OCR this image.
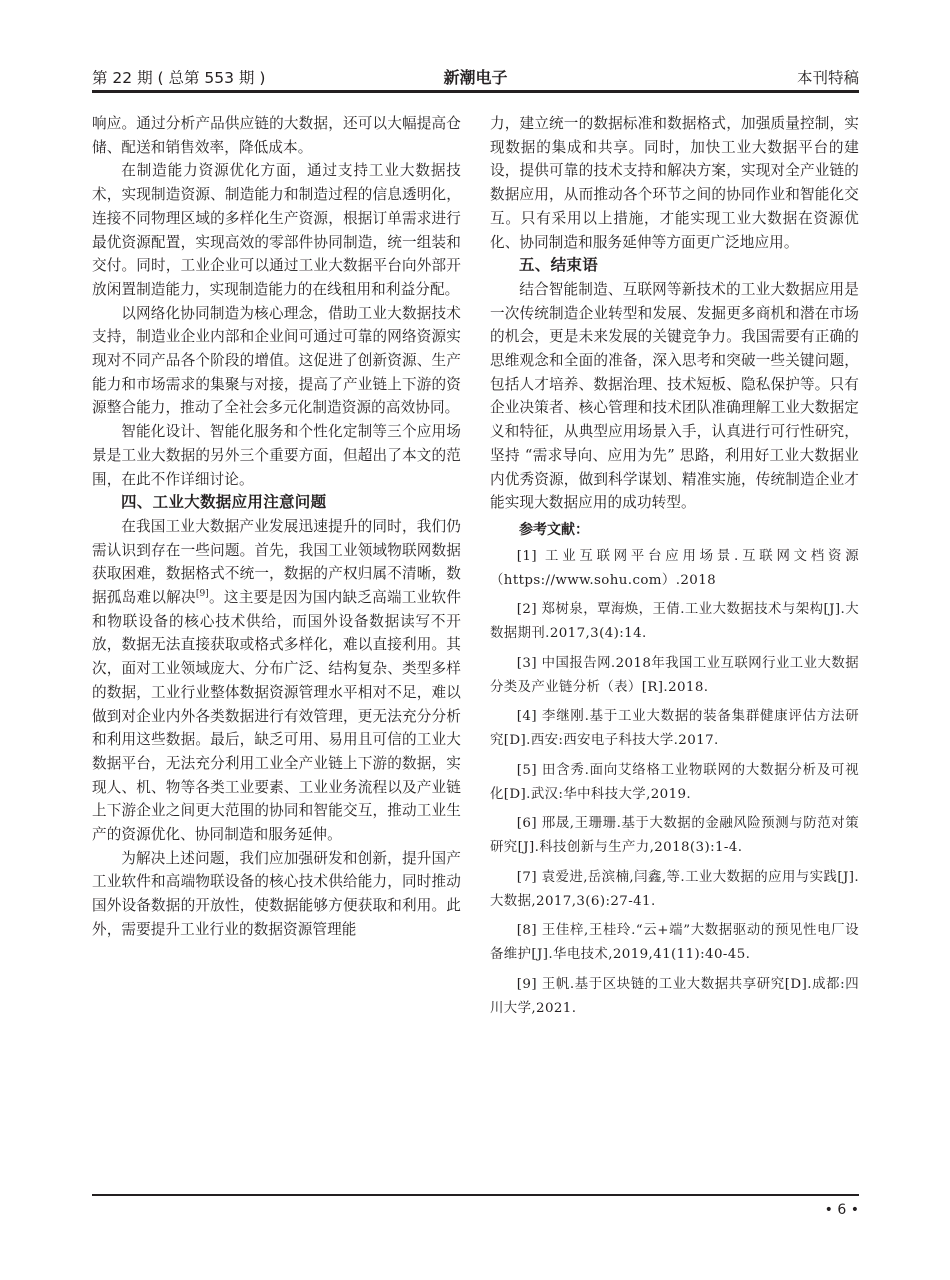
第 22 期 ( 总第 553 期 )	新潮电子	本刊特稿

响应。通过分析产品供应链的大数据，还可以大幅提高仓储、配送和销售效率，降低成本。

在制造能力资源优化方面，通过支持工业大数据技术，实现制造资源、制造能力和制造过程的信息透明化，连接不同物理区域的多样化生产资源，根据订单需求进行最优资源配置，实现高效的零部件协同制造，统一组装和交付。同时，工业企业可以通过工业大数据平台向外部开放闲置制造能力，实现制造能力的在线租用和利益分配。

以网络化协同制造为核心理念，借助工业大数据技术支持，制造业企业内部和企业间可通过可靠的网络资源实现对不同产品各个阶段的增值。这促进了创新资源、生产能力和市场需求的集聚与对接，提高了产业链上下游的资源整合能力，推动了全社会多元化制造资源的高效协同。

智能化设计、智能化服务和个性化定制等三个应用场景是工业大数据的另外三个重要方面，但超出了本文的范围，在此不作详细讨论。

四、工业大数据应用注意问题

在我国工业大数据产业发展迅速提升的同时，我们仍需认识到存在一些问题。首先，我国工业领域物联网数据获取困难，数据格式不统一，数据的产权归属不清晰，数据孤岛难以解决[9]。这主要是因为国内缺乏高端工业软件和物联设备的核心技术供给，而国外设备数据读写不开放，数据无法直接获取或格式多样化，难以直接利用。其次，面对工业领域庞大、分布广泛、结构复杂、类型多样的数据，工业行业整体数据资源管理水平相对不足，难以做到对企业内外各类数据进行有效管理，更无法充分分析和利用这些数据。最后，缺乏可用、易用且可信的工业大数据平台，无法充分利用工业全产业链上下游的数据，实现人、机、物等各类工业要素、工业业务流程以及产业链上下游企业之间更大范围的协同和智能交互，推动工业生产的资源优化、协同制造和服务延伸。

为解决上述问题，我们应加强研发和创新，提升国产工业软件和高端物联设备的核心技术供给能力，同时推动国外设备数据的开放性，使数据能够方便获取和利用。此外，需要提升工业行业的数据资源管理能

力，建立统一的数据标准和数据格式，加强质量控制，实现数据的集成和共享。同时，加快工业大数据平台的建设，提供可靠的技术支持和解决方案，实现对全产业链的数据应用，从而推动各个环节之间的协同作业和智能化交互。只有采用以上措施，才能实现工业大数据在资源优化、协同制造和服务延伸等方面更广泛地应用。

五、结束语

结合智能制造、互联网等新技术的工业大数据应用是一次传统制造企业转型和发展、发掘更多商机和潜在市场的机会，更是未来发展的关键竞争力。我国需要有正确的思维观念和全面的准备，深入思考和突破一些关键问题，包括人才培养、数据治理、技术短板、隐私保护等。只有企业决策者、核心管理和技术团队准确理解工业大数据定义和特征，从典型应用场景入手，认真进行可行性研究，坚持 “需求导向、应用为先” 思路，利用好工业大数据业内优秀资源，做到科学谋划、精准实施，传统制造企业才能实现大数据应用的成功转型。

参考文献：
[1] 工业互联网平台应用场景.互联网文档资源（https://www.sohu.com）.2018
[2] 郑树泉，覃海焕，王倩.工业大数据技术与架构[J].大数据期刊.2017,3(4):14.
[3] 中国报告网.2018年我国工业互联网行业工业大数据分类及产业链分析（表）[R].2018.
[4] 李继刚.基于工业大数据的装备集群健康评估方法研究[D].西安:西安电子科技大学.2017.
[5] 田含秀.面向艾络格工业物联网的大数据分析及可视化[D].武汉:华中科技大学,2019.
[6] 邢晟,王珊珊.基于大数据的金融风险预测与防范对策研究[J].科技创新与生产力,2018(3):1-4.
[7] 袁爱进,岳滨楠,闫鑫,等.工业大数据的应用与实践[J].大数据,2017,3(6):27-41.
[8] 王佳梓,王桂玲.“云+端”大数据驱动的预见性电厂设备维护[J].华电技术,2019,41(11):40-45.
[9] 王帆.基于区块链的工业大数据共享研究[D].成都:四川大学,2021.
• 6 •
